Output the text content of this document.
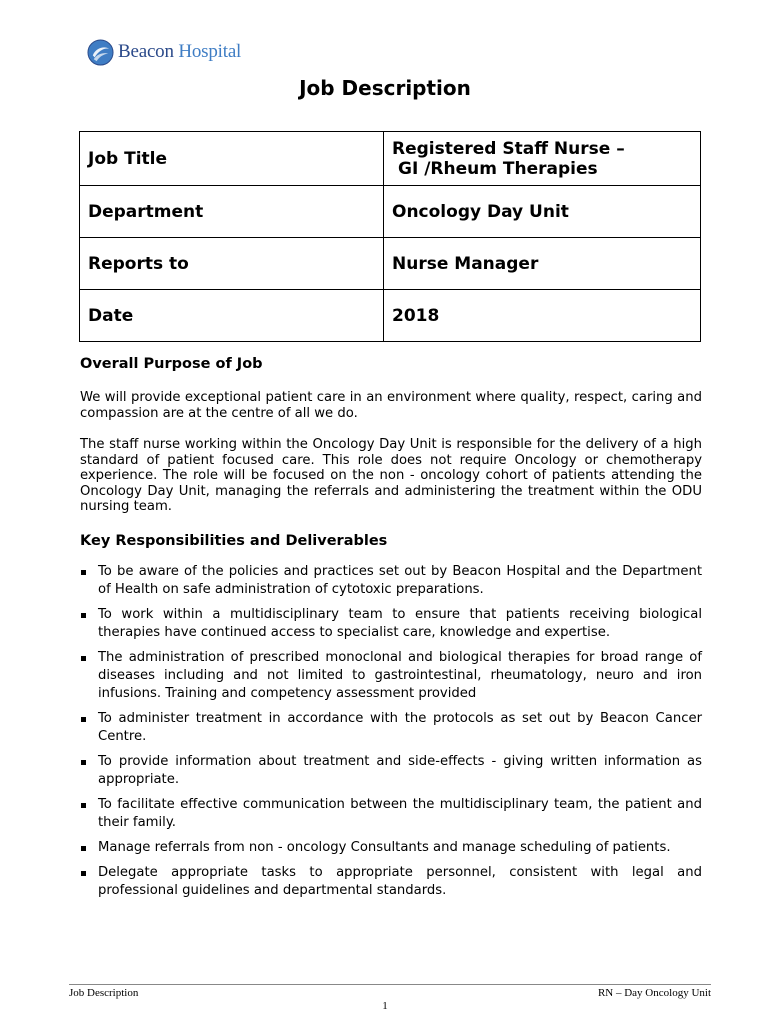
Beacon Hospital
Job Description
Job Title	Registered Staff Nurse –
GI /Rheum Therapies

Department	Oncology Day Unit
Reports to	Nurse Manager
Date	2018
Overall Purpose of Job
We will provide exceptional patient care in an environment where quality, respect, caring and compassion are at the centre of all we do.
The staff nurse working within the Oncology Day Unit is responsible for the delivery of a high standard of patient focused care. This role does not require Oncology or chemotherapy experience. The role will be focused on the non - oncology cohort of patients attending the Oncology Day Unit, managing the referrals and administering the treatment within the ODU nursing team.
Key Responsibilities and Deliverables
To be aware of the policies and practices set out by Beacon Hospital and the Department of Health on safe administration of cytotoxic preparations.
To work within a multidisciplinary team to ensure that patients receiving biological therapies have continued access to specialist care, knowledge and expertise.
The administration of prescribed monoclonal and biological therapies for broad range of diseases including and not limited to gastrointestinal, rheumatology, neuro and iron infusions. Training and competency assessment provided
To administer treatment in accordance with the protocols as set out by Beacon Cancer Centre.
To provide information about treatment and side-effects - giving written information as appropriate.
To facilitate effective communication between the multidisciplinary team, the patient and their family.
Manage referrals from non - oncology Consultants and manage scheduling of patients.
Delegate appropriate tasks to appropriate personnel, consistent with legal and professional guidelines and departmental standards.
Job Description	RN – Day Oncology Unit
1
